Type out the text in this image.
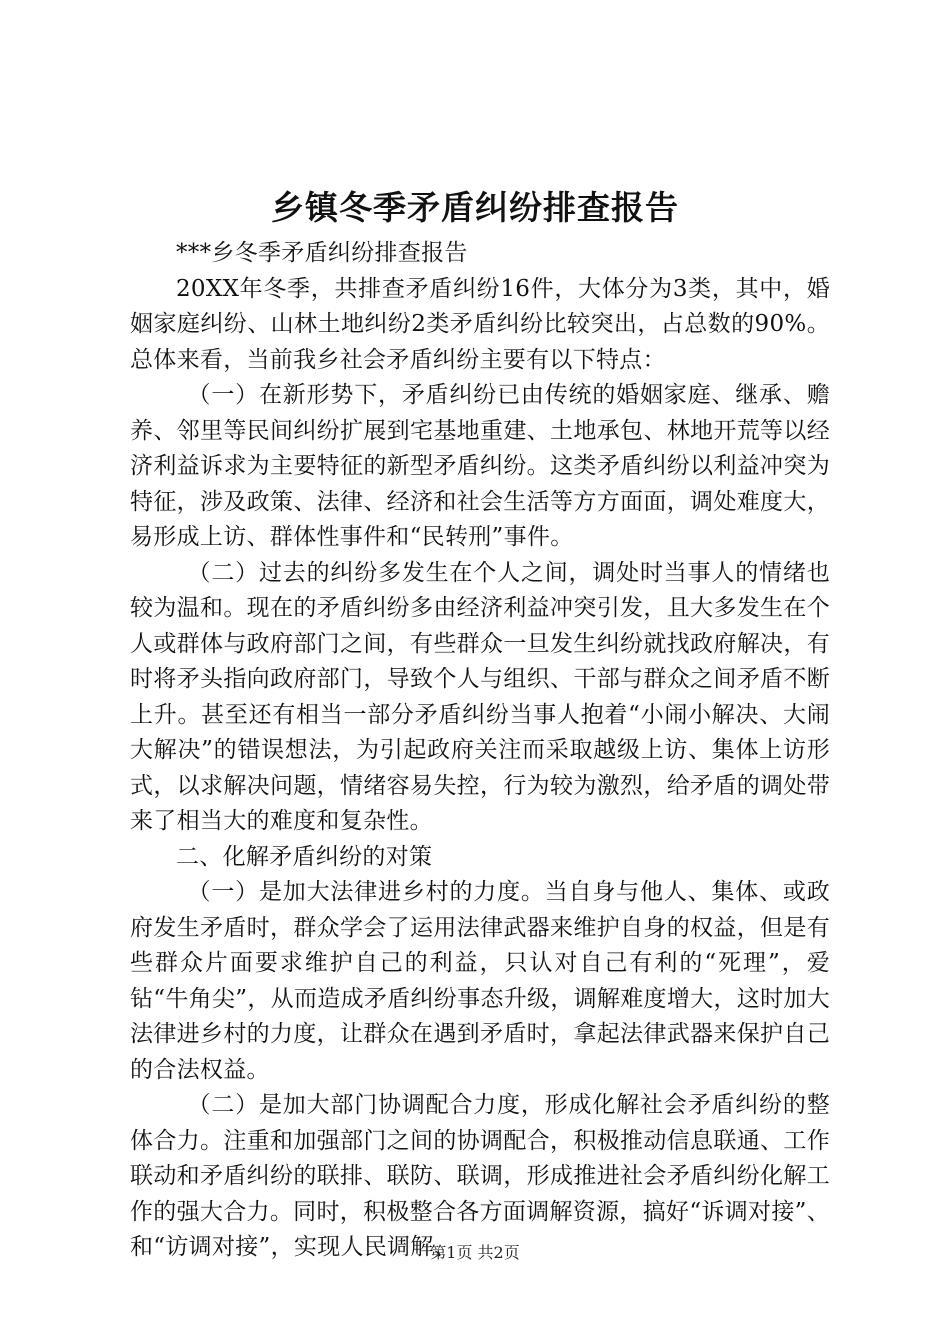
乡镇冬季矛盾纠纷排查报告

***乡冬季矛盾纠纷排查报告

20XX年冬季，共排查矛盾纠纷16件，大体分为3类，其中，婚姻家庭纠纷、山林土地纠纷2类矛盾纠纷比较突出，占总数的90%。总体来看，当前我乡社会矛盾纠纷主要有以下特点：

（一）在新形势下，矛盾纠纷已由传统的婚姻家庭、继承、赡养、邻里等民间纠纷扩展到宅基地重建、土地承包、林地开荒等以经济利益诉求为主要特征的新型矛盾纠纷。这类矛盾纠纷以利益冲突为特征，涉及政策、法律、经济和社会生活等方方面面，调处难度大，易形成上访、群体性事件和“民转刑”事件。

（二）过去的纠纷多发生在个人之间，调处时当事人的情绪也较为温和。现在的矛盾纠纷多由经济利益冲突引发，且大多发生在个人或群体与政府部门之间，有些群众一旦发生纠纷就找政府解决，有时将矛头指向政府部门，导致个人与组织、干部与群众之间矛盾不断上升。甚至还有相当一部分矛盾纠纷当事人抱着“小闹小解决、大闹大解决”的错误想法，为引起政府关注而采取越级上访、集体上访形式，以求解决问题，情绪容易失控，行为较为激烈，给矛盾的调处带来了相当大的难度和复杂性。

二、化解矛盾纠纷的对策

（一）是加大法律进乡村的力度。当自身与他人、集体、或政府发生矛盾时，群众学会了运用法律武器来维护自身的权益，但是有些群众片面要求维护自己的利益，只认对自己有利的“死理”，爱钻“牛角尖”，从而造成矛盾纠纷事态升级，调解难度增大，这时加大法律进乡村的力度，让群众在遇到矛盾时，拿起法律武器来保护自己的合法权益。

（二）是加大部门协调配合力度，形成化解社会矛盾纠纷的整体合力。注重和加强部门之间的协调配合，积极推动信息联通、工作联动和矛盾纠纷的联排、联防、联调，形成推进社会矛盾纠纷化解工作的强大合力。同时，积极整合各方面调解资源，搞好“诉调对接”、和“访调对接”，实现人民调解、

第1页 共2页
